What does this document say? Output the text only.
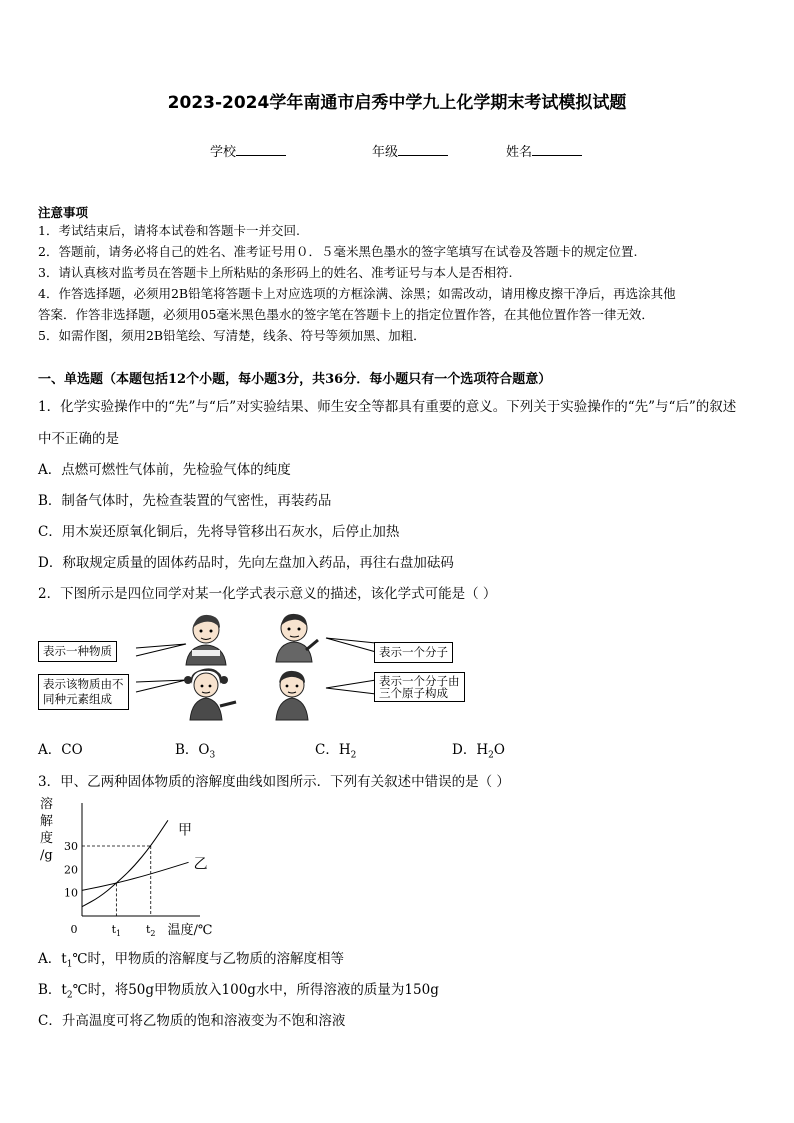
2023-2024学年南通市启秀中学九上化学期末考试模拟试题
学校	年级	姓名
注意事项
1．考试结束后，请将本试卷和答题卡一并交回.
2．答题前，请务必将自己的姓名、准考证号用０．５毫米黑色墨水的签字笔填写在试卷及答题卡的规定位置.
3．请认真核对监考员在答题卡上所粘贴的条形码上的姓名、准考证号与本人是否相符.
4．作答选择题，必须用2B铅笔将答题卡上对应选项的方框涂满、涂黑；如需改动，请用橡皮擦干净后，再选涂其他
答案．作答非选择题，必须用05毫米黑色墨水的签字笔在答题卡上的指定位置作答，在其他位置作答一律无效．
5．如需作图，须用2B铅笔绘、写清楚，线条、符号等须加黑、加粗．
一、单选题（本题包括12个小题，每小题3分，共36分．每小题只有一个选项符合题意）
1．化学实验操作中的“先”与“后”对实验结果、师生安全等都具有重要的意义。下列关于实验操作的“先”与“后”的叙述
中不正确的是
A．点燃可燃性气体前，先检验气体的纯度
B．制备气体时，先检查装置的气密性，再装药品
C．用木炭还原氧化铜后，先将导管移出石灰水，后停止加热
D．称取规定质量的固体药品时，先向左盘加入药品，再往右盘加砝码
2．下图所示是四位同学对某一化学式表示意义的描述，该化学式可能是（ ）
表示一种物质	表示一个分子
表示该物质由不
同种元素组成
表示一个分子由
三个原子构成
A．CO	B．$O_3$	C．$H_2$	D．$H_2O$
3．甲、乙两种固体物质的溶解度曲线如图所示．下列有关叙述中错误的是（ ）
溶
解
度
/g
10
20
30
0	$t_1$ $t_2$ 温度/℃
甲
乙
A．$t_1℃$时，甲物质的溶解度与乙物质的溶解度相等
B．$t_2℃$时，将50g甲物质放入100g水中，所得溶液的质量为150g
C．升高温度可将乙物质的饱和溶液变为不饱和溶液
